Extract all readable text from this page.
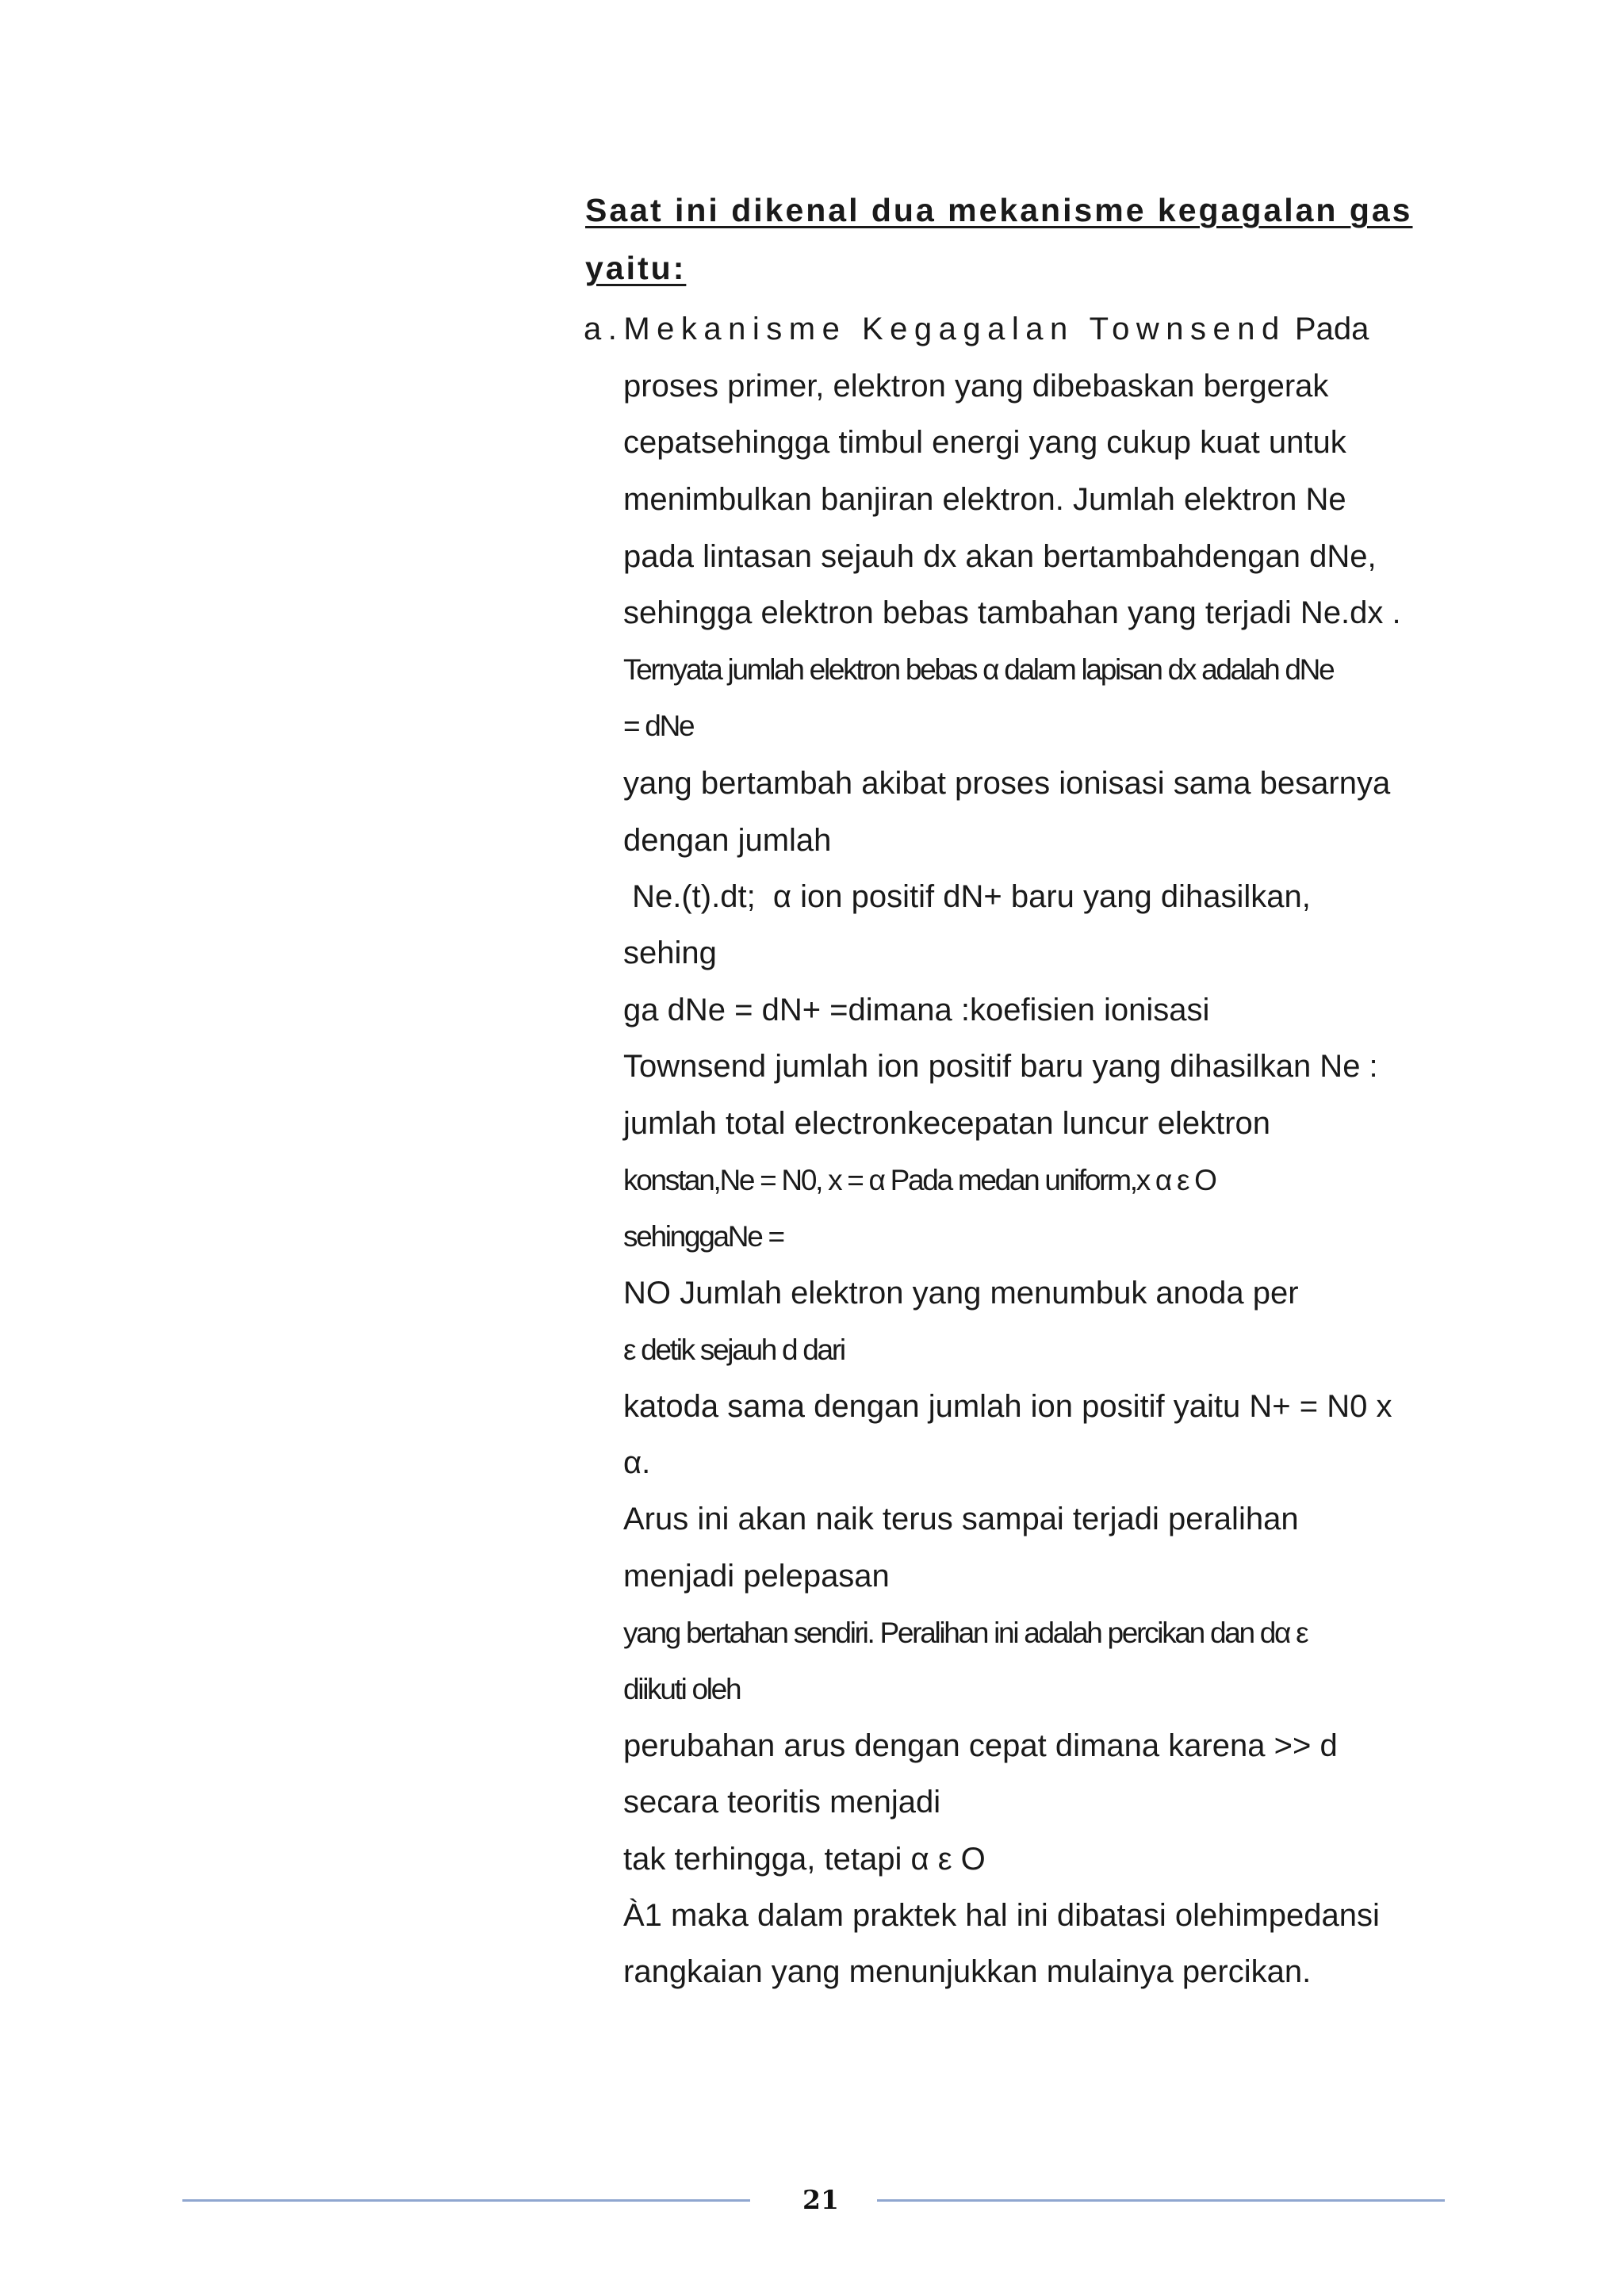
Saat ini dikenal dua mekanisme kegagalan gas
yaitu:
a.Mekanisme Kegagalan Townsend Pada
proses primer, elektron yang dibebaskan bergerak
cepatsehingga timbul energi yang cukup kuat untuk
menimbulkan banjiran elektron. Jumlah elektron Ne
pada lintasan sejauh dx akan bertambahdengan dNe,
sehingga elektron bebas tambahan yang terjadi Ne.dx .
Ternyata jumlah elektron bebas α dalam lapisan dx adalah dNe
= dNe
yang bertambah akibat proses ionisasi sama besarnya
dengan jumlah
Ne.(t).dt;  α ion positif dN+ baru yang dihasilkan,
sehing
ga dNe = dN+ =dimana :koefisien ionisasi
Townsend jumlah ion positif baru yang dihasilkan Ne :
jumlah total electronkecepatan luncur elektron
konstan,Ne = N0, x = α Pada medan uniform,x α ε O
sehinggaNe =
NO Jumlah elektron yang menumbuk anoda per
ε detik sejauh d dari
katoda sama dengan jumlah ion positif yaitu N+ = N0 x
α.
Arus ini akan naik terus sampai terjadi peralihan
menjadi pelepasan
yang bertahan sendiri. Peralihan ini adalah percikan dan dα ε
diikuti oleh
perubahan arus dengan cepat dimana karena >> d
secara teoritis menjadi
tak terhingga, tetapi α ε O
À1 maka dalam praktek hal ini dibatasi olehimpedansi
rangkaian yang menunjukkan mulainya percikan.
21
